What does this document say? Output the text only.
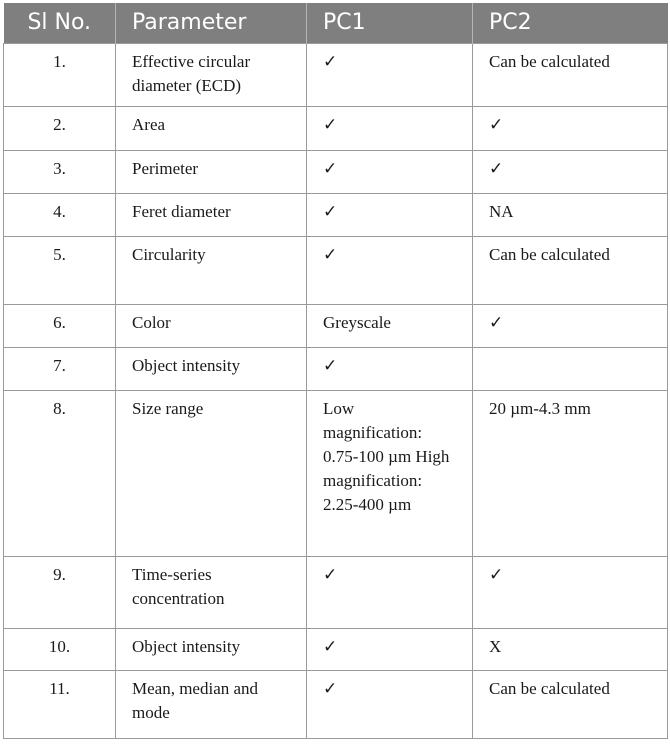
Sl No.	Parameter	PC1	PC2
1.	Effective circular diameter (ECD)	✓	Can be calculated
2.	Area	✓	✓
3.	Perimeter	✓	✓
4.	Feret diameter	✓	NA
5.	Circularity	✓	Can be calculated
6.	Color	Greyscale	✓
7.	Object intensity	✓	
8.	Size range	Low magnification: 0.75-100 µm High magnification: 2.25-400 µm	20 µm-4.3 mm
9.	Time-series concentration	✓	✓
10.	Object intensity	✓	X
11.	Mean, median and mode	✓	Can be calculated
